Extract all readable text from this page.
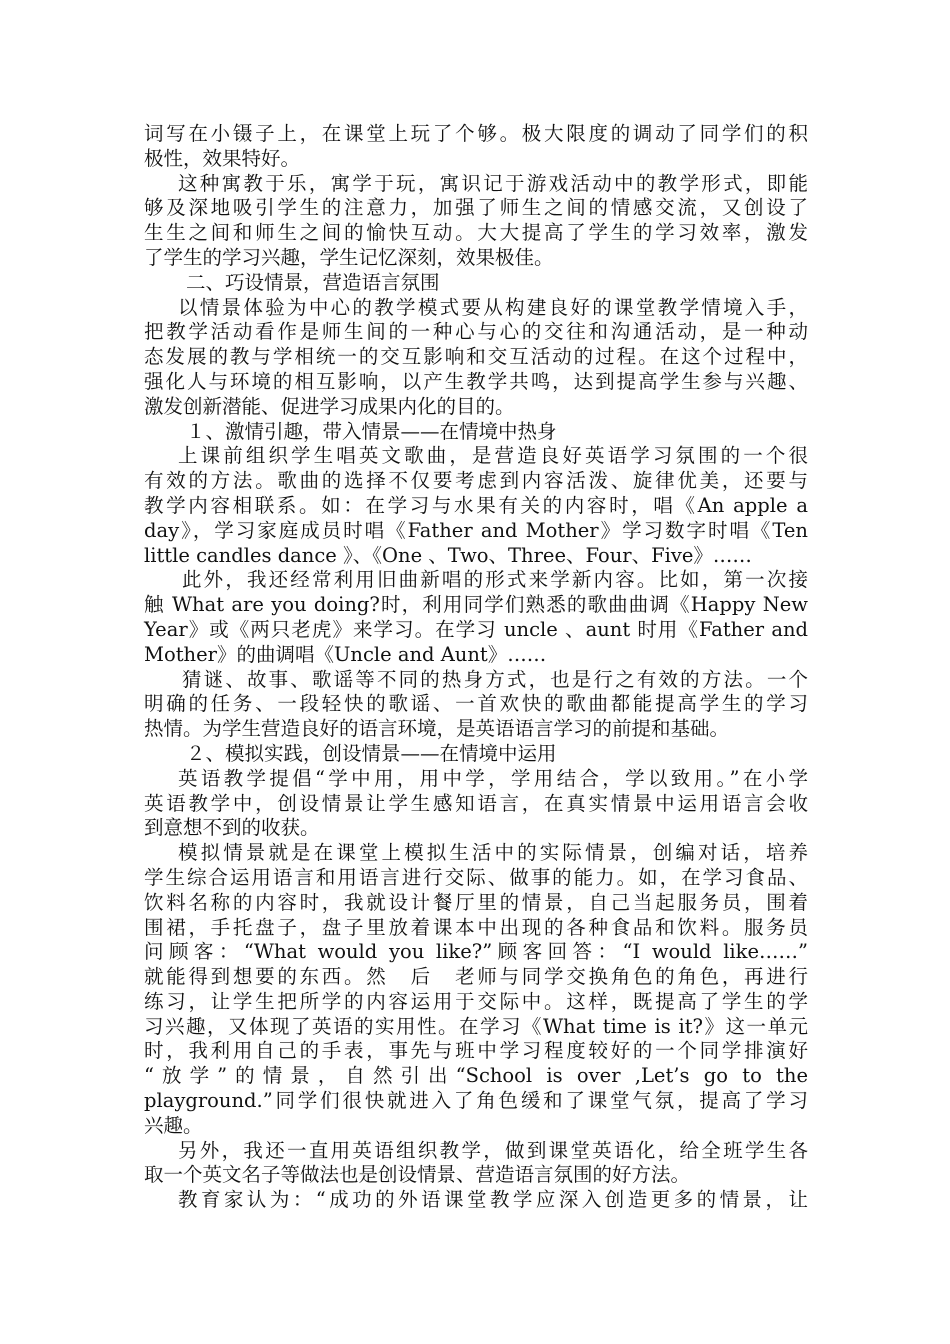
词写在小镊子上，在课堂上玩了个够。极大限度的调动了同学们的积
极性，效果特好。
这种寓教于乐，寓学于玩，寓识记于游戏活动中的教学形式，即能
够及深地吸引学生的注意力，加强了师生之间的情感交流，又创设了
生生之间和师生之间的愉快互动。大大提高了学生的学习效率，激发
了学生的学习兴趣，学生记忆深刻，效果极佳。
二、巧设情景，营造语言氛围
以情景体验为中心的教学模式要从构建良好的课堂教学情境入手，
把教学活动看作是师生间的一种心与心的交往和沟通活动，是一种动
态发展的教与学相统一的交互影响和交互活动的过程。在这个过程中，
强化人与环境的相互影响，以产生教学共鸣，达到提高学生参与兴趣、
激发创新潜能、促进学习成果内化的目的。
１、激情引趣，带入情景——在情境中热身
上课前组织学生唱英文歌曲，是营造良好英语学习氛围的一个很
有效的方法。歌曲的选择不仅要考虑到内容活泼、旋律优美，还要与
教学内容相联系。如：在学习与水果有关的内容时，唱《An apple a
day》，学习家庭成员时唱《Father and Mother》学习数字时唱《Ten
little candles dance 》、《One 、Two、Three、Four、Five》……
此外，我还经常利用旧曲新唱的形式来学新内容。比如，第一次接
触 What are you doing?时，利用同学们熟悉的歌曲曲调《Happy New
Year》或《两只老虎》来学习。在学习 uncle 、aunt 时用《Father and
Mother》的曲调唱《Uncle and Aunt》……
猜谜、故事、歌谣等不同的热身方式，也是行之有效的方法。一个
明确的任务、一段轻快的歌谣、一首欢快的歌曲都能提高学生的学习
热情。为学生营造良好的语言环境，是英语语言学习的前提和基础。
２、模拟实践，创设情景——在情境中运用
英语教学提倡“学中用，用中学，学用结合，学以致用。”在小学
英语教学中，创设情景让学生感知语言，在真实情景中运用语言会收
到意想不到的收获。
模拟情景就是在课堂上模拟生活中的实际情景，创编对话，培养
学生综合运用语言和用语言进行交际、做事的能力。如，在学习食品、
饮料名称的内容时，我就设计餐厅里的情景，自己当起服务员，围着
围裙，手托盘子，盘子里放着课本中出现的各种食品和饮料。服务员
问顾客：“What would you like?”顾客回答：“I would like……”
就能得到想要的东西。然　后　老师与同学交换角色的角色，再进行
练习，让学生把所学的内容运用于交际中。这样，既提高了学生的学
习兴趣，又体现了英语的实用性。在学习《What time is it?》这一单元
时，我利用自己的手表，事先与班中学习程度较好的一个同学排演好
“放学”的情景，自然引出“School is over ,Let’s go to the
playground.”同学们很快就进入了角色缓和了课堂气氛，提高了学习
兴趣。
另外，我还一直用英语组织教学，做到课堂英语化，给全班学生各
取一个英文名子等做法也是创设情景、营造语言氛围的好方法。
教育家认为：“成功的外语课堂教学应深入创造更多的情景，让
